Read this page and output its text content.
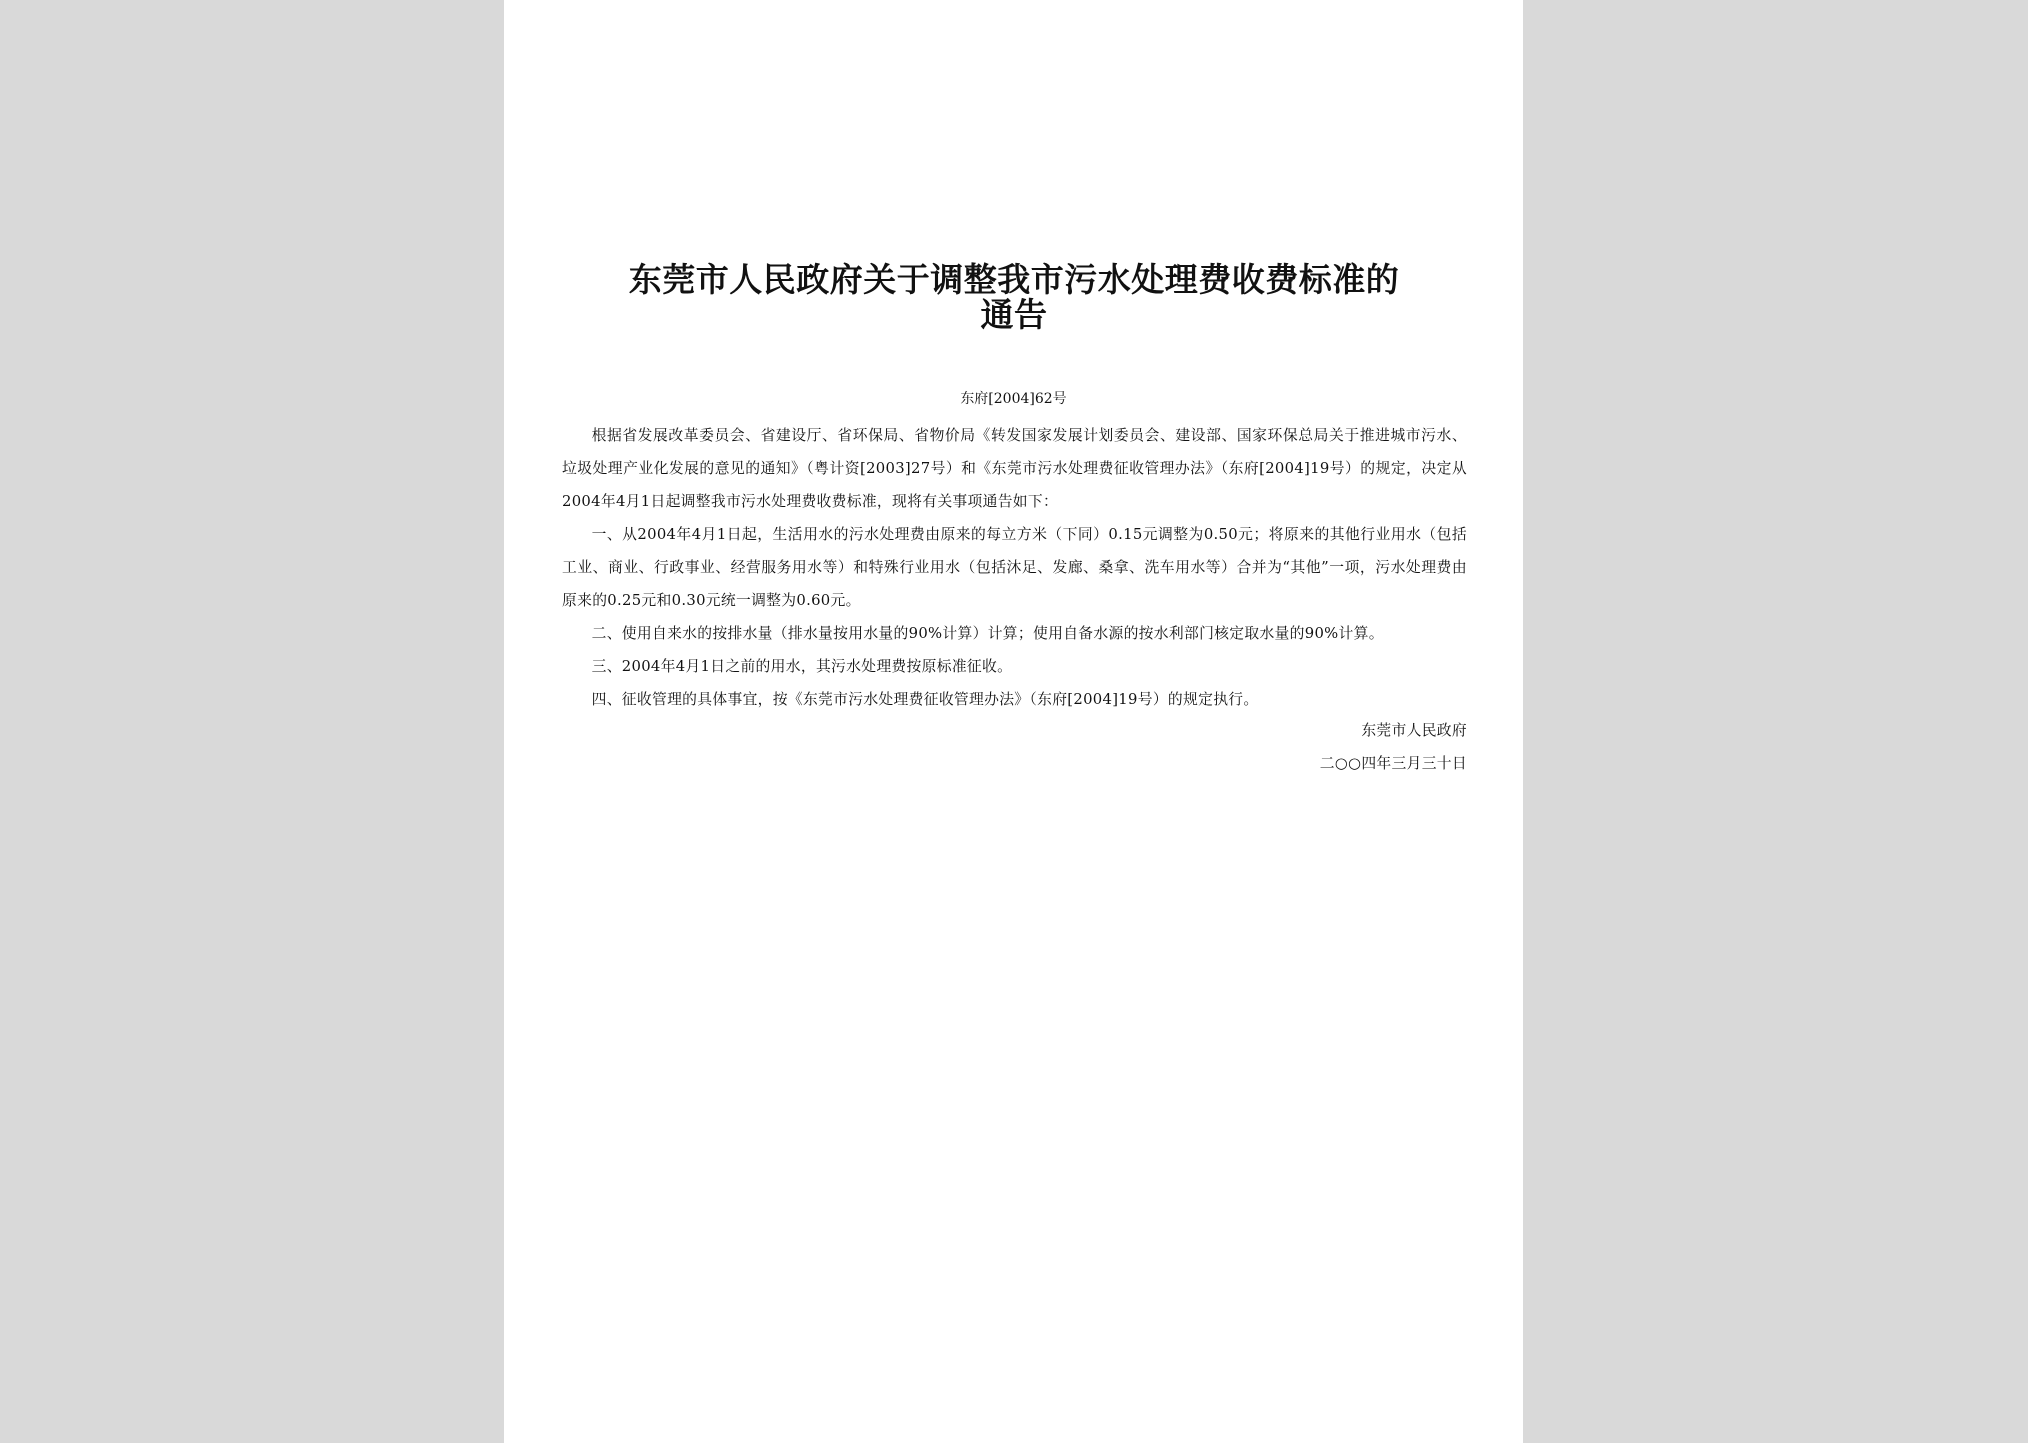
东莞市人民政府关于调整我市污水处理费收费标准的
通告
东府[2004]62号

根据省发展改革委员会、省建设厅、省环保局、省物价局《转发国家发展计划委员会、建设部、国家环保总局关于推进城市污水、垃圾处理产业化发展的意见的通知》（粤计资[2003]27号）和《东莞市污水处理费征收管理办法》（东府[2004]19号）的规定，决定从2004年4月1日起调整我市污水处理费收费标准，现将有关事项通告如下：

一、从2004年4月1日起，生活用水的污水处理费由原来的每立方米（下同）0.15元调整为0.50元；将原来的其他行业用水（包括工业、商业、行政事业、经营服务用水等）和特殊行业用水（包括沐足、发廊、桑拿、洗车用水等）合并为“其他”一项，污水处理费由原来的0.25元和0.30元统一调整为0.60元。

二、使用自来水的按排水量（排水量按用水量的90%计算）计算；使用自备水源的按水利部门核定取水量的90%计算。

三、2004年4月1日之前的用水，其污水处理费按原标准征收。

四、征收管理的具体事宜，按《东莞市污水处理费征收管理办法》（东府[2004]19号）的规定执行。

东莞市人民政府
二○○四年三月三十日
